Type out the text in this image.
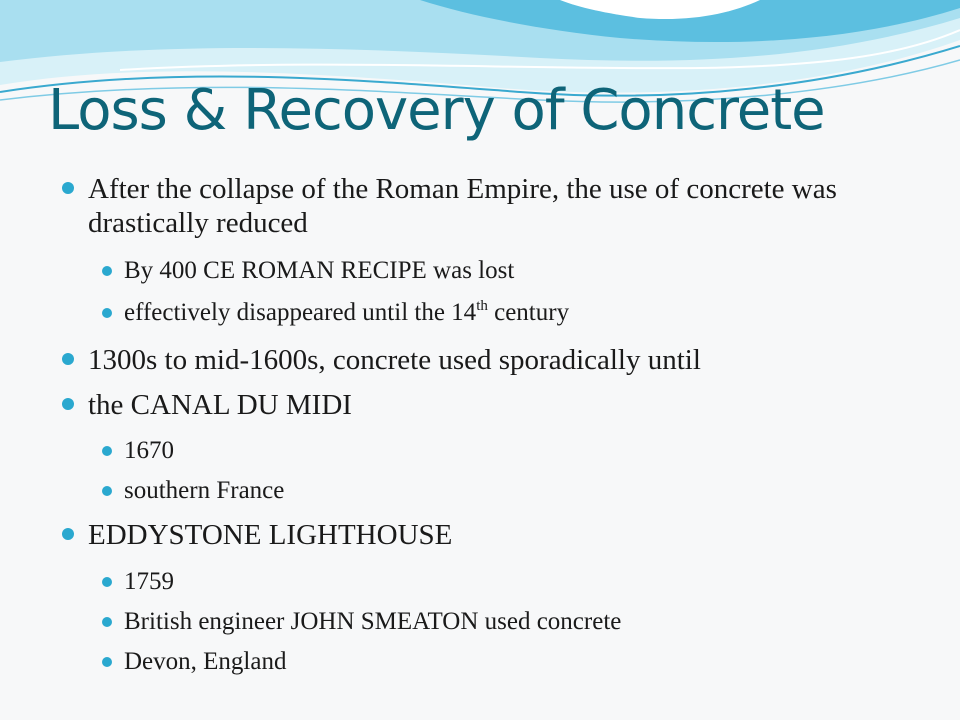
Loss & Recovery of Concrete

After the collapse of the Roman Empire, the use of concrete was drastically reduced

By 400 CE ROMAN RECIPE was lost

effectively disappeared until the 14th century

1300s to mid-1600s, concrete used sporadically until

the CANAL DU MIDI

1670

southern France

EDDYSTONE LIGHTHOUSE

1759

British engineer JOHN SMEATON used concrete

Devon, England
